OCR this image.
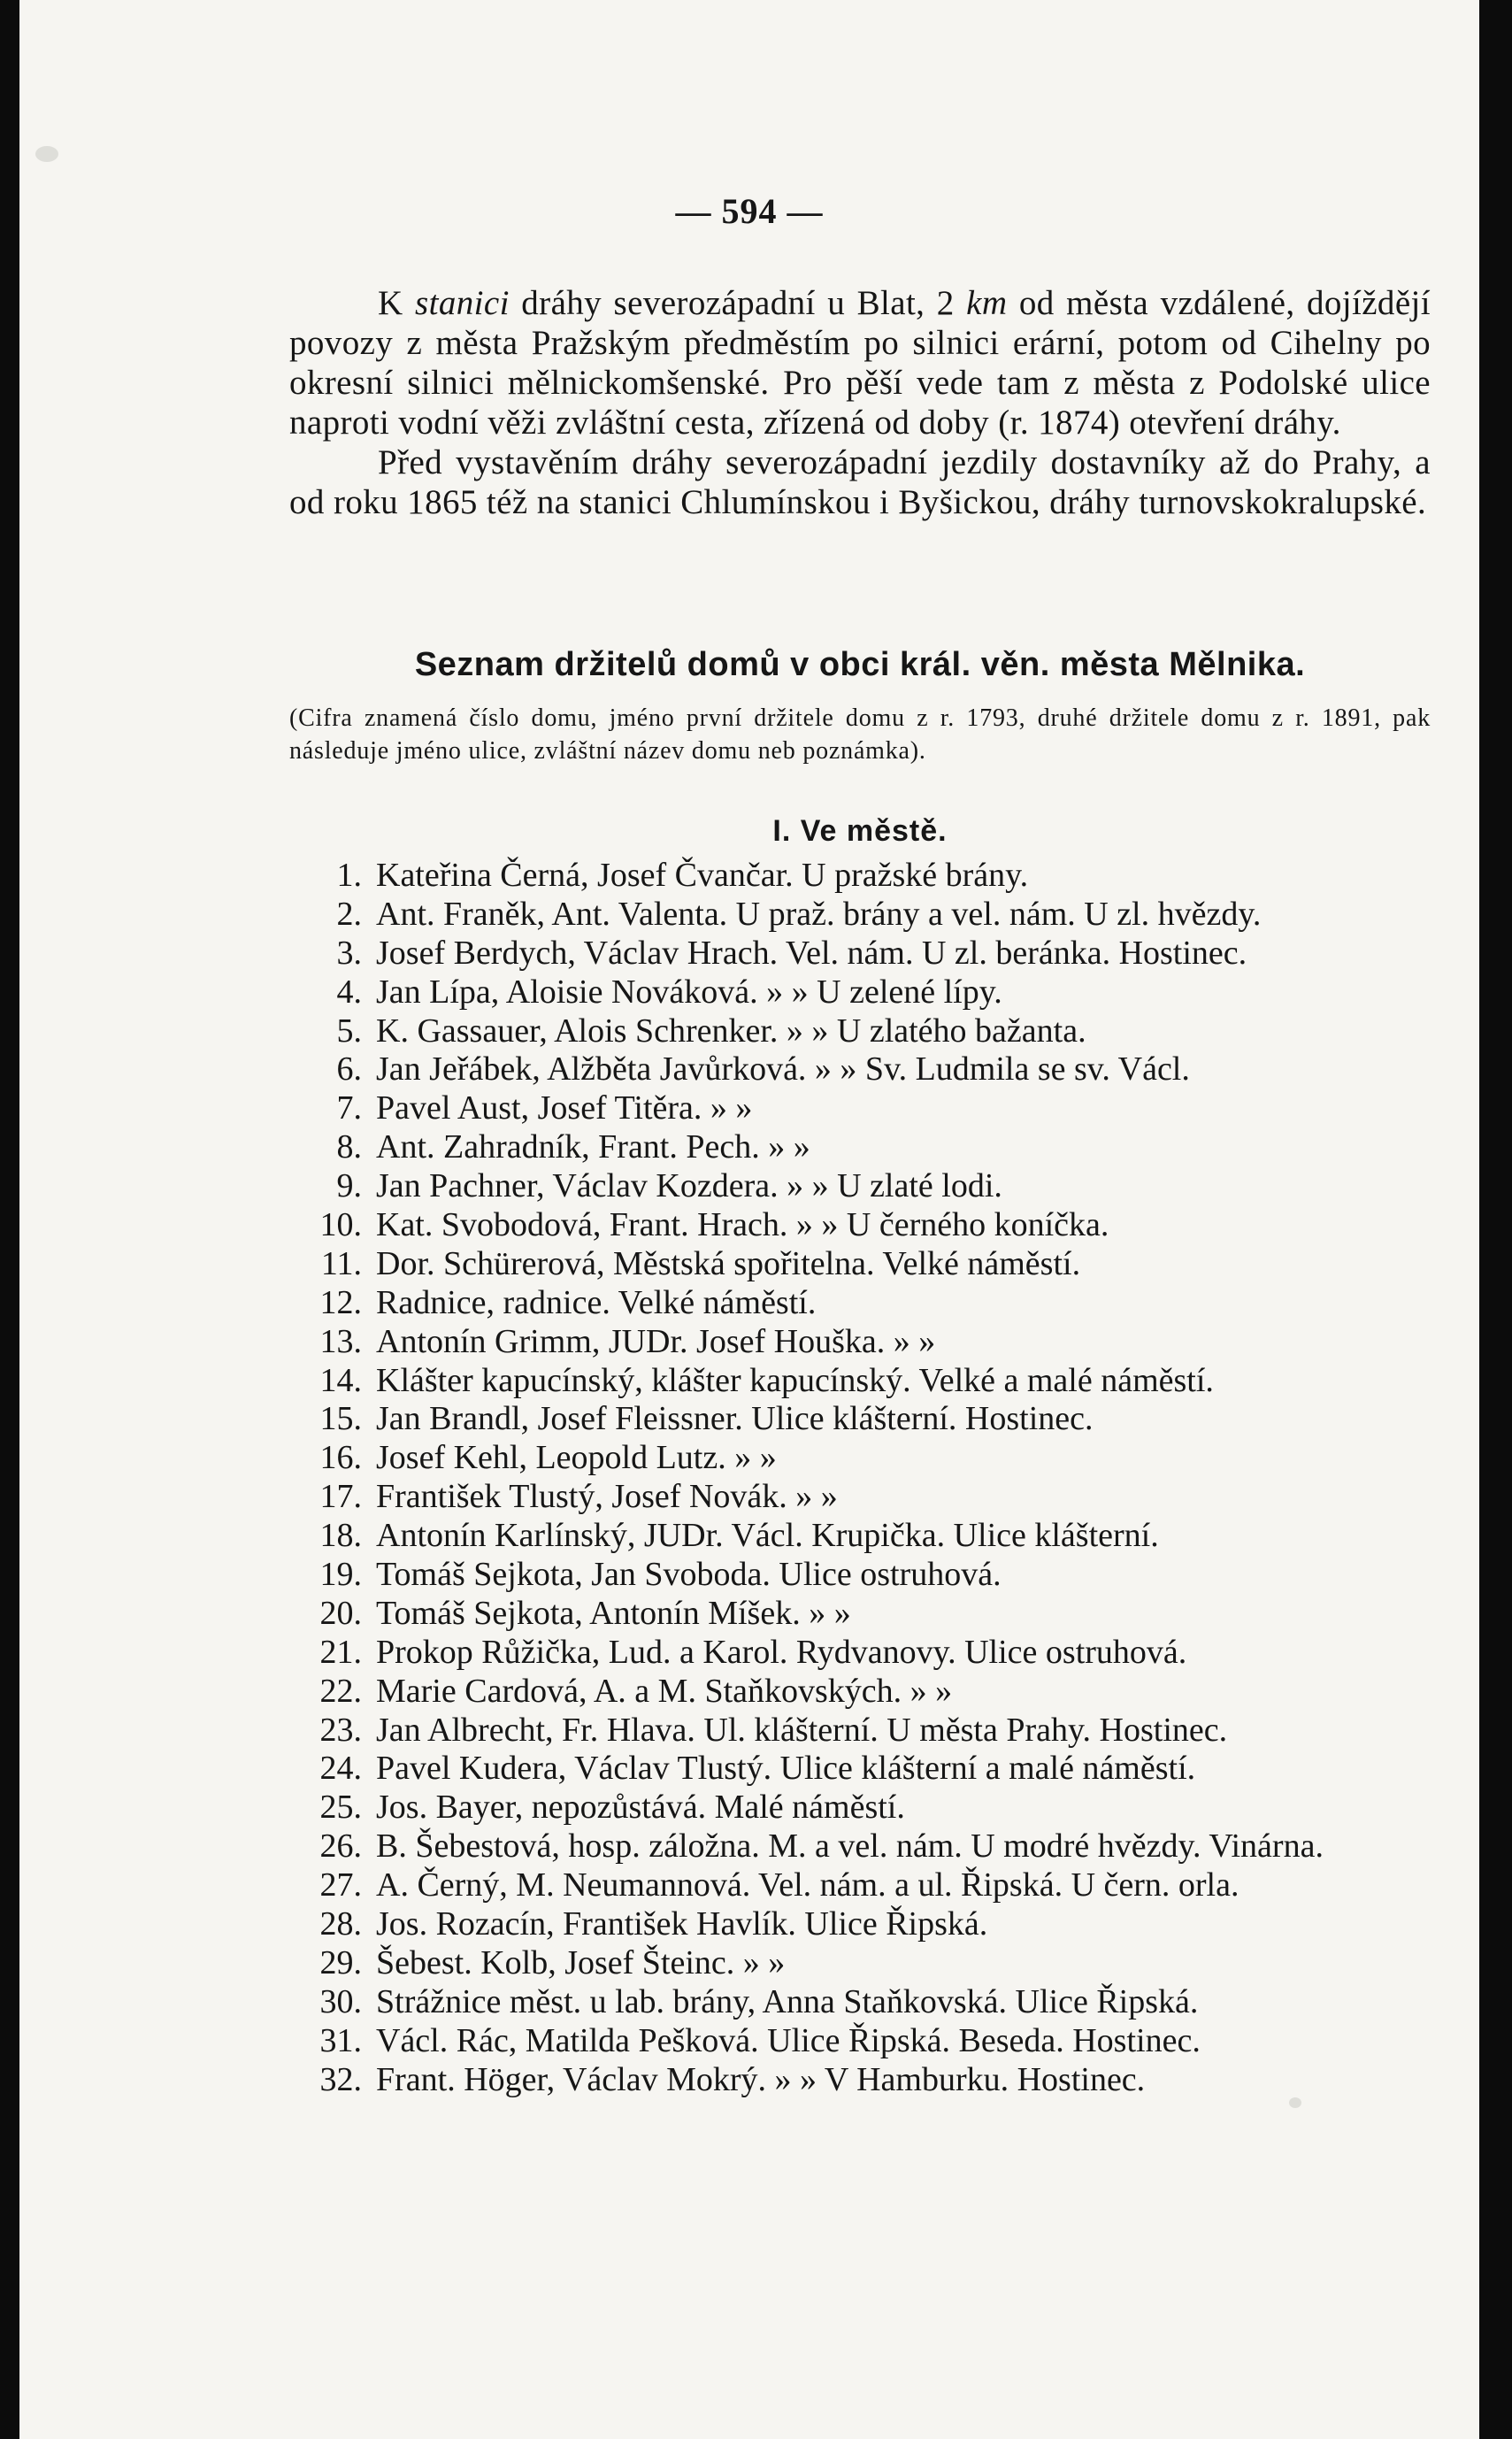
— 594 —

K stanici dráhy severozápadní u Blat, 2 km od města vzdálené, dojíždějí povozy z města Pražským předměstím po silnici erární, potom od Cihelny po okresní silnici mělnickomšenské. Pro pěší vede tam z města z Podolské ulice naproti vodní věži zvláštní cesta, zřízená od doby (r. 1874) otevření dráhy.

Před vystavěním dráhy severozápadní jezdily dostavníky až do Prahy, a od roku 1865 též na stanici Chlumínskou i Byšickou, dráhy turnovskokralupské.

Seznam držitelů domů v obci král. věn. města Mělnika.
(Cifra znamená číslo domu, jméno první držitele domu z r. 1793, druhé držitele domu z r. 1891, pak následuje jméno ulice, zvláštní název domu neb poznámka).
I. Ve městě.
1. Kateřina Černá, Josef Čvančar. U pražské brány.
2. Ant. Franěk, Ant. Valenta. U praž. brány a vel. nám. U zl. hvězdy.
3. Josef Berdych, Václav Hrach. Vel. nám. U zl. beránka. Hostinec.
4. Jan Lípa, Aloisie Nováková. » » U zelené lípy.
5. K. Gassauer, Alois Schrenker. » » U zlatého bažanta.
6. Jan Jeřábek, Alžběta Javůrková. » » Sv. Ludmila se sv. Václ.
7. Pavel Aust, Josef Titěra. » »
8. Ant. Zahradník, Frant. Pech. » »
9. Jan Pachner, Václav Kozdera. » » U zlaté lodi.
10. Kat. Svobodová, Frant. Hrach. » » U černého koníčka.
11. Dor. Schürerová, Městská spořitelna. Velké náměstí.
12. Radnice, radnice. Velké náměstí.
13. Antonín Grimm, JUDr. Josef Houška. » »
14. Klášter kapucínský, klášter kapucínský. Velké a malé náměstí.
15. Jan Brandl, Josef Fleissner. Ulice klášterní. Hostinec.
16. Josef Kehl, Leopold Lutz. » »
17. František Tlustý, Josef Novák. » »
18. Antonín Karlínský, JUDr. Václ. Krupička. Ulice klášterní.
19. Tomáš Sejkota, Jan Svoboda. Ulice ostruhová.
20. Tomáš Sejkota, Antonín Míšek. » »
21. Prokop Růžička, Lud. a Karol. Rydvanovy. Ulice ostruhová.
22. Marie Cardová, A. a M. Staňkovských. » »
23. Jan Albrecht, Fr. Hlava. Ul. klášterní. U města Prahy. Hostinec.
24. Pavel Kudera, Václav Tlustý. Ulice klášterní a malé náměstí.
25. Jos. Bayer, nepozůstává. Malé náměstí.
26. B. Šebestová, hosp. záložna. M. a vel. nám. U modré hvězdy. Vinárna.
27. A. Černý, M. Neumannová. Vel. nám. a ul. Řipská. U čern. orla.
28. Jos. Rozacín, František Havlík. Ulice Řipská.
29. Šebest. Kolb, Josef Šteinc. » »
30. Strážnice měst. u lab. brány, Anna Staňkovská. Ulice Řipská.
31. Václ. Rác, Matilda Pešková. Ulice Řipská. Beseda. Hostinec.
32. Frant. Höger, Václav Mokrý. » » V Hamburku. Hostinec.
